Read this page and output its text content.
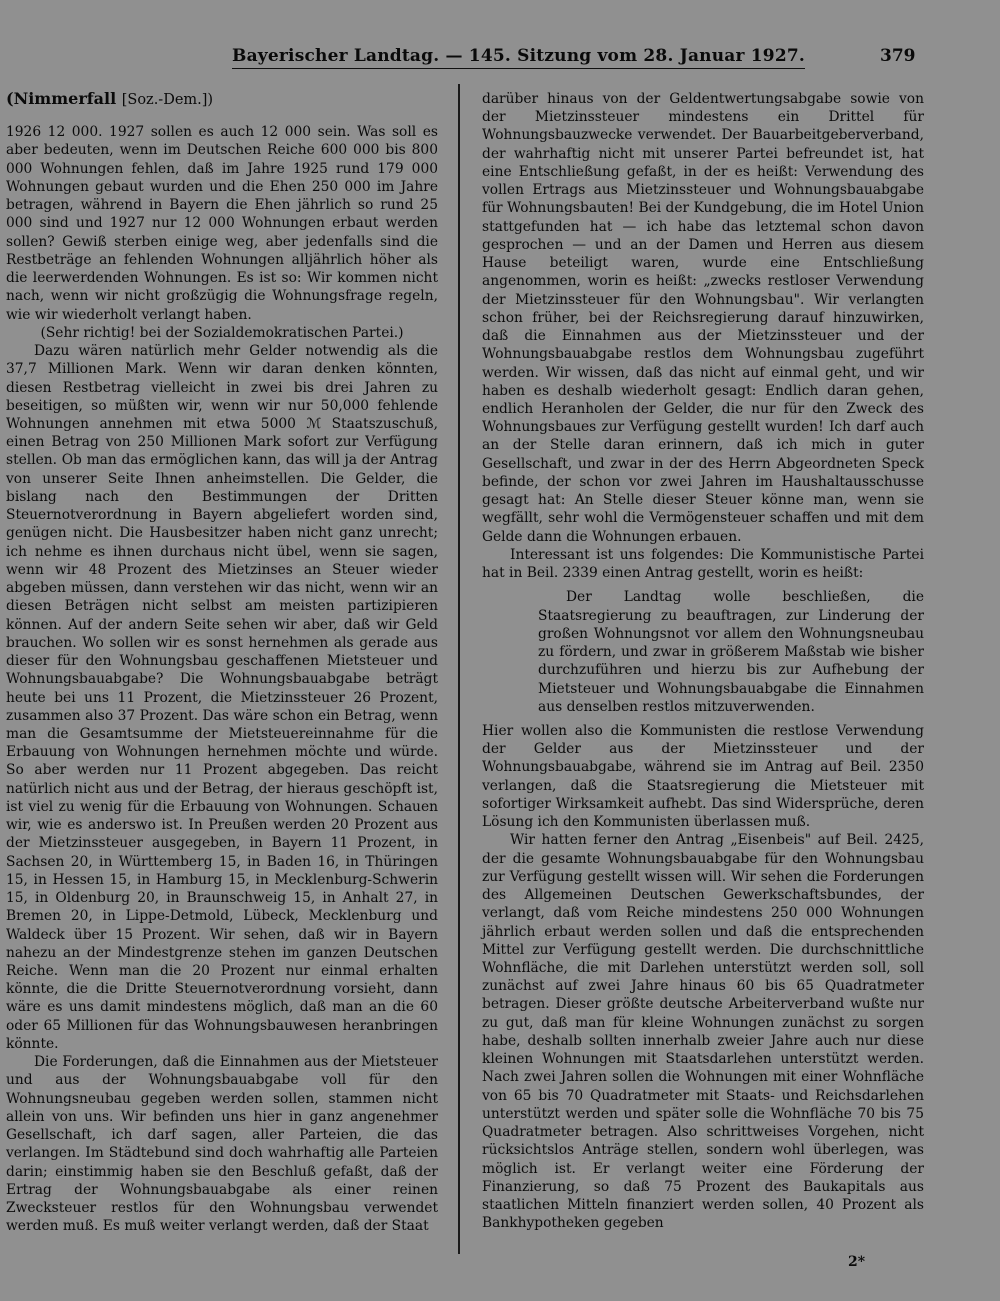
Bayerischer Landtag. — 145. Sitzung vom 28. Januar 1927.	379
(Nimmerfall [Soz.-Dem.])

1926 12 000. 1927 sollen es auch 12 000 sein. Was soll es aber bedeuten, wenn im Deutschen Reiche 600 000 bis 800 000 Wohnungen fehlen, daß im Jahre 1925 rund 179 000 Wohnungen gebaut wurden und die Ehen 250 000 im Jahre betragen, während in Bayern die Ehen jährlich so rund 25 000 sind und 1927 nur 12 000 Wohnungen erbaut werden sollen? Gewiß sterben einige weg, aber jedenfalls sind die Restbeträge an fehlenden Wohnungen alljährlich höher als die leerwerdenden Wohnungen. Es ist so: Wir kommen nicht nach, wenn wir nicht großzügig die Wohnungsfrage regeln, wie wir wiederholt verlangt haben.

(Sehr richtig! bei der Sozialdemokratischen Partei.)

Dazu wären natürlich mehr Gelder notwendig als die 37,7 Millionen Mark. Wenn wir daran denken könnten, diesen Restbetrag vielleicht in zwei bis drei Jahren zu beseitigen, so müßten wir, wenn wir nur 50,000 fehlende Wohnungen annehmen mit etwa 5000 ℳ Staatszuschuß, einen Betrag von 250 Millionen Mark sofort zur Verfügung stellen. Ob man das ermöglichen kann, das will ja der Antrag von unserer Seite Ihnen anheimstellen. Die Gelder, die bislang nach den Bestimmungen der Dritten Steuernotverordnung in Bayern abgeliefert worden sind, genügen nicht. Die Hausbesitzer haben nicht ganz unrecht; ich nehme es ihnen durchaus nicht übel, wenn sie sagen, wenn wir 48 Prozent des Mietzinses an Steuer wieder abgeben müssen, dann verstehen wir das nicht, wenn wir an diesen Beträgen nicht selbst am meisten partizipieren können. Auf der andern Seite sehen wir aber, daß wir Geld brauchen. Wo sollen wir es sonst hernehmen als gerade aus dieser für den Wohnungsbau geschaffenen Mietsteuer und Wohnungsbauabgabe? Die Wohnungsbauabgabe beträgt heute bei uns 11 Prozent, die Mietzinssteuer 26 Prozent, zusammen also 37 Prozent. Das wäre schon ein Betrag, wenn man die Gesamtsumme der Mietsteuereinnahme für die Erbauung von Wohnungen hernehmen möchte und würde. So aber werden nur 11 Prozent abgegeben. Das reicht natürlich nicht aus und der Betrag, der hieraus geschöpft ist, ist viel zu wenig für die Erbauung von Wohnungen. Schauen wir, wie es anderswo ist. In Preußen werden 20 Prozent aus der Mietzinssteuer ausgegeben, in Bayern 11 Prozent, in Sachsen 20, in Württemberg 15, in Baden 16, in Thüringen 15, in Hessen 15, in Hamburg 15, in Mecklenburg-Schwerin 15, in Oldenburg 20, in Braunschweig 15, in Anhalt 27, in Bremen 20, in Lippe-Detmold, Lübeck, Mecklenburg und Waldeck über 15 Prozent. Wir sehen, daß wir in Bayern nahezu an der Mindestgrenze stehen im ganzen Deutschen Reiche. Wenn man die 20 Prozent nur einmal erhalten könnte, die die Dritte Steuernotverordnung vorsieht, dann wäre es uns damit mindestens möglich, daß man an die 60 oder 65 Millionen für das Wohnungsbauwesen heranbringen könnte.

Die Forderungen, daß die Einnahmen aus der Mietsteuer und aus der Wohnungsbauabgabe voll für den Wohnungsneubau gegeben werden sollen, stammen nicht allein von uns. Wir befinden uns hier in ganz angenehmer Gesellschaft, ich darf sagen, aller Parteien, die das verlangen. Im Städtebund sind doch wahrhaftig alle Parteien darin; einstimmig haben sie den Beschluß gefaßt, daß der Ertrag der Wohnungsbauabgabe als einer reinen Zwecksteuer restlos für den Wohnungsbau verwendet werden muß. Es muß weiter verlangt werden, daß der Staat

darüber hinaus von der Geldentwertungsabgabe sowie von der Mietzinssteuer mindestens ein Drittel für Wohnungsbauzwecke verwendet. Der Bauarbeitgeberverband, der wahrhaftig nicht mit unserer Partei befreundet ist, hat eine Entschließung gefaßt, in der es heißt: Verwendung des vollen Ertrags aus Mietzinssteuer und Wohnungsbauabgabe für Wohnungsbauten! Bei der Kundgebung, die im Hotel Union stattgefunden hat — ich habe das letztemal schon davon gesprochen — und an der Damen und Herren aus diesem Hause beteiligt waren, wurde eine Entschließung angenommen, worin es heißt: „zwecks restloser Verwendung der Mietzinssteuer für den Wohnungsbau". Wir verlangten schon früher, bei der Reichsregierung darauf hinzuwirken, daß die Einnahmen aus der Mietzinssteuer und der Wohnungsbauabgabe restlos dem Wohnungsbau zugeführt werden. Wir wissen, daß das nicht auf einmal geht, und wir haben es deshalb wiederholt gesagt: Endlich daran gehen, endlich Heranholen der Gelder, die nur für den Zweck des Wohnungsbaues zur Verfügung gestellt wurden! Ich darf auch an der Stelle daran erinnern, daß ich mich in guter Gesellschaft, und zwar in der des Herrn Abgeordneten Speck befinde, der schon vor zwei Jahren im Haushaltausschusse gesagt hat: An Stelle dieser Steuer könne man, wenn sie wegfällt, sehr wohl die Vermögensteuer schaffen und mit dem Gelde dann die Wohnungen erbauen.

Interessant ist uns folgendes: Die Kommunistische Partei hat in Beil. 2339 einen Antrag gestellt, worin es heißt:

Der Landtag wolle beschließen, die Staatsregierung zu beauftragen, zur Linderung der großen Wohnungsnot vor allem den Wohnungsneubau zu fördern, und zwar in größerem Maßstab wie bisher durchzuführen und hierzu bis zur Aufhebung der Mietsteuer und Wohnungsbauabgabe die Einnahmen aus denselben restlos mitzuverwenden.

Hier wollen also die Kommunisten die restlose Verwendung der Gelder aus der Mietzinssteuer und der Wohnungsbauabgabe, während sie im Antrag auf Beil. 2350 verlangen, daß die Staatsregierung die Mietsteuer mit sofortiger Wirksamkeit aufhebt. Das sind Widersprüche, deren Lösung ich den Kommunisten überlassen muß.

Wir hatten ferner den Antrag „Eisenbeis" auf Beil. 2425, der die gesamte Wohnungsbauabgabe für den Wohnungsbau zur Verfügung gestellt wissen will. Wir sehen die Forderungen des Allgemeinen Deutschen Gewerkschaftsbundes, der verlangt, daß vom Reiche mindestens 250 000 Wohnungen jährlich erbaut werden sollen und daß die entsprechenden Mittel zur Verfügung gestellt werden. Die durchschnittliche Wohnfläche, die mit Darlehen unterstützt werden soll, soll zunächst auf zwei Jahre hinaus 60 bis 65 Quadratmeter betragen. Dieser größte deutsche Arbeiterverband wußte nur zu gut, daß man für kleine Wohnungen zunächst zu sorgen habe, deshalb sollten innerhalb zweier Jahre auch nur diese kleinen Wohnungen mit Staatsdarlehen unterstützt werden. Nach zwei Jahren sollen die Wohnungen mit einer Wohnfläche von 65 bis 70 Quadratmeter mit Staats- und Reichsdarlehen unterstützt werden und später solle die Wohnfläche 70 bis 75 Quadratmeter betragen. Also schrittweises Vorgehen, nicht rücksichtslos Anträge stellen, sondern wohl überlegen, was möglich ist. Er verlangt weiter eine Förderung der Finanzierung, so daß 75 Prozent des Baukapitals aus staatlichen Mitteln finanziert werden sollen, 40 Prozent als Bankhypotheken gegeben

2*
